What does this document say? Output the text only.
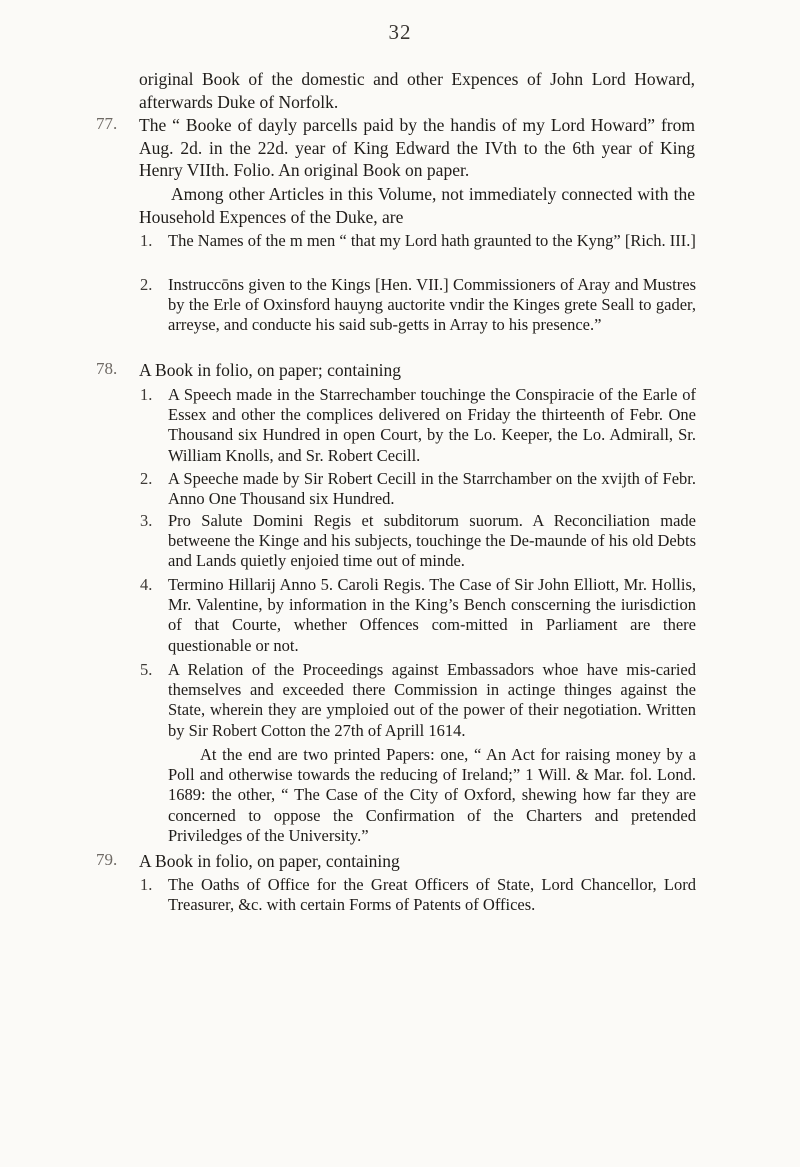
32

original Book of the domestic and other Expences of John Lord Howard, afterwards Duke of Norfolk.

77. The “ Booke of dayly parcells paid by the handis of my Lord Howard” from Aug. 2d. in the 22d. year of King Edward the IVth to the 6th year of King Henry VIIth. Folio. An original Book on paper.

Among other Articles in this Volume, not immediately connected with the Household Expences of the Duke, are

1. The Names of the m men “ that my Lord hath graunted to the Kyng” [Rich. III.]

2. Instruccōns given to the Kings [Hen. VII.] Commissioners of Aray and Mustres by the Erle of Oxinsford hauyng auctorite vndir the Kinges grete Seall to gader, arreyse, and conducte his said sub-getts in Array to his presence.”

78. A Book in folio, on paper; containing

1. A Speech made in the Starrechamber touchinge the Conspiracie of the Earle of Essex and other the complices delivered on Friday the thirteenth of Febr. One Thousand six Hundred in open Court, by the Lo. Keeper, the Lo. Admirall, Sr. William Knolls, and Sr. Robert Cecill.

2. A Speeche made by Sir Robert Cecill in the Starrchamber on the xvijth of Febr. Anno One Thousand six Hundred.

3. Pro Salute Domini Regis et subditorum suorum. A Reconciliation made betweene the Kinge and his subjects, touchinge the De-maunde of his old Debts and Lands quietly enjoied time out of minde.

4. Termino Hillarij Anno 5. Caroli Regis. The Case of Sir John Elliott, Mr. Hollis, Mr. Valentine, by information in the King’s Bench conscerning the iurisdiction of that Courte, whether Offences com-mitted in Parliament are there questionable or not.

5. A Relation of the Proceedings against Embassadors whoe have mis-caried themselves and exceeded there Commission in actinge thinges against the State, wherein they are ymploied out of the power of their negotiation. Written by Sir Robert Cotton the 27th of Aprill 1614.

At the end are two printed Papers: one, “ An Act for raising money by a Poll and otherwise towards the reducing of Ireland;” 1 Will. & Mar. fol. Lond. 1689: the other, “ The Case of the City of Oxford, shewing how far they are concerned to oppose the Confirmation of the Charters and pretended Priviledges of the University.”

79. A Book in folio, on paper, containing

1. The Oaths of Office for the Great Officers of State, Lord Chancellor, Lord Treasurer, &c. with certain Forms of Patents of Offices.
